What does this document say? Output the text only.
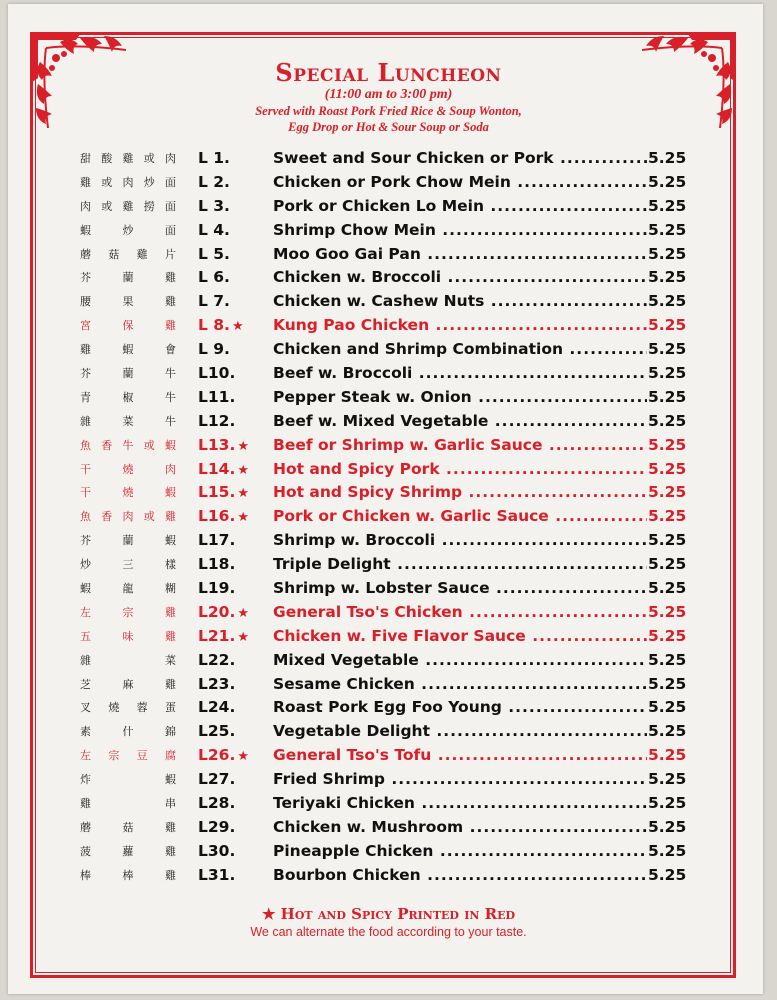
Special Luncheon
(11:00 am to 3:00 pm)
Served with Roast Pork Fried Rice & Soup Wonton,
Egg Drop or Hot & Sour Soup or Soda
甜 酸 雞 或 肉 L 1.	Sweet and Sour Chicken or Pork .....	5.25
雞 或 肉 炒 面 L 2.	Chicken or Pork Chow Mein .....	5.25
肉 或 雞 撈 面 L 3.	Pork or Chicken Lo Mein .....	5.25
蝦	炒	面 L 4.	Shrimp Chow Mein .....	5.25
蘑 菇 雞 片 L 5.	Moo Goo Gai Pan .....	5.25
芥	蘭	雞 L 6.	Chicken w. Broccoli .....	5.25
腰	果	雞 L 7.	Chicken w. Cashew Nuts .....	5.25
宮	保	雞 L 8. ★ Kung Pao Chicken .....	5.25
雞	蝦	會 L 9.	Chicken and Shrimp Combination .....	5.25
芥	蘭	牛 L10. Beef w. Broccoli .....	5.25
青	椒	牛 L11. Pepper Steak w. Onion .....	5.25
雜	菜	牛 L12. Beef w. Mixed Vegetable .....	5.25
魚 香 牛 或 蝦 L13. ★ Beef or Shrimp w. Garlic Sauce .....	5.25
干	燒	肉 L14. ★ Hot and Spicy Pork .....	5.25
干	燒	蝦 L15. ★ Hot and Spicy Shrimp .....	5.25
魚 香 肉 或 雞 L16. ★ Pork or Chicken w. Garlic Sauce .....	5.25
芥	蘭	蝦 L17. Shrimp w. Broccoli .....	5.25
炒	三	樣 L18. Triple Delight .....	5.25
蝦	龍	糊 L19. Shrimp w. Lobster Sauce .....	5.25
左	宗	雞 L20. ★ General Tso's Chicken .....	5.25
五	味	雞 L21. ★ Chicken w. Five Flavor Sauce .....	5.25
雜	菜 L22. Mixed Vegetable .....	5.25
芝	麻	雞 L23. Sesame Chicken .....	5.25
叉 燒 蓉 蛋 L24. Roast Pork Egg Foo Young .....	5.25
素	什	錦 L25. Vegetable Delight .....	5.25
左 宗 豆 腐 L26. ★ General Tso's Tofu .....	5.25
炸	蝦 L27. Fried Shrimp .....	5.25
雞	串 L28. Teriyaki Chicken .....	5.25
蘑	菇	雞 L29. Chicken w. Mushroom .....	5.25
菠	蘿	雞 L30. Pineapple Chicken .....	5.25
棒	棒	雞 L31. Bourbon Chicken .....	5.25
★ Hot and Spicy Printed in Red
We can alternate the food according to your taste.
